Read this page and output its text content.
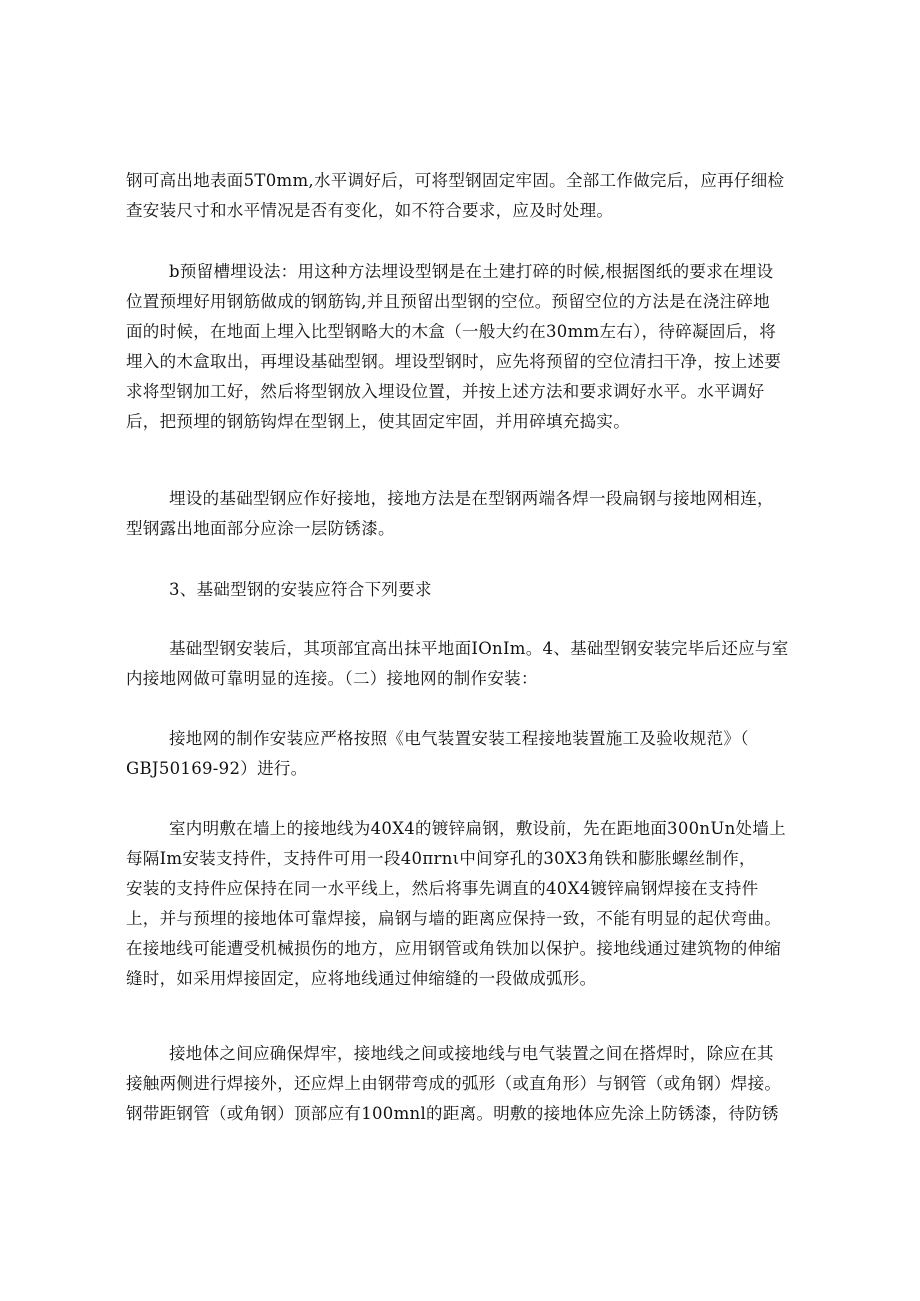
钢可高出地表面5T0mm,水平调好后，可将型钢固定牢固。全部工作做完后，应再仔细检
查安装尺寸和水平情况是否有变化，如不符合要求，应及时处理。

b预留槽埋设法：用这种方法埋设型钢是在土建打碎的时候,根据图纸的要求在埋设
位置预埋好用钢筋做成的钢筋钩,并且预留出型钢的空位。预留空位的方法是在浇注碎地
面的时候，在地面上埋入比型钢略大的木盒（一般大约在30mm左右），待碎凝固后，将
埋入的木盒取出，再埋设基础型钢。埋设型钢时，应先将预留的空位清扫干净，按上述要
求将型钢加工好，然后将型钢放入埋设位置，并按上述方法和要求调好水平。水平调好
后，把预埋的钢筋钩焊在型钢上，使其固定牢固，并用碎填充捣实。

埋设的基础型钢应作好接地，接地方法是在型钢两端各焊一段扁钢与接地网相连，
型钢露出地面部分应涂一层防锈漆。

3、基础型钢的安装应符合下列要求

基础型钢安装后，其项部宜高出抹平地面IOnIm。4、基础型钢安装完毕后还应与室
内接地网做可靠明显的连接。（二）接地网的制作安装：

接地网的制作安装应严格按照《电气装置安装工程接地装置施工及验收规范》（
GBJ50169-92）进行。

室内明敷在墙上的接地线为40X4的镀锌扁钢，敷设前，先在距地面300nUn处墙上
每隔Im安装支持件，支持件可用一段40πrnι中间穿孔的30X3角铁和膨胀螺丝制作，
安装的支持件应保持在同一水平线上，然后将事先调直的40X4镀锌扁钢焊接在支持件
上，并与预埋的接地体可靠焊接，扁钢与墙的距离应保持一致，不能有明显的起伏弯曲。
在接地线可能遭受机械损伤的地方，应用钢管或角铁加以保护。接地线通过建筑物的伸缩
缝时，如采用焊接固定，应将地线通过伸缩缝的一段做成弧形。

接地体之间应确保焊牢，接地线之间或接地线与电气装置之间在搭焊时，除应在其
接触两侧进行焊接外，还应焊上由钢带弯成的弧形（或直角形）与钢管（或角钢）焊接。
钢带距钢管（或角钢）顶部应有100mnl的距离。明敷的接地体应先涂上防锈漆，待防锈
